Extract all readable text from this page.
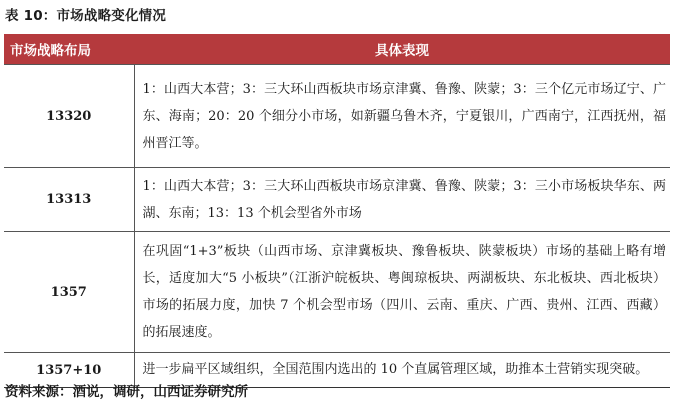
表 10：市场战略变化情况
市场战略布局	具体表现
13320	1：山西大本营；3：三大环山西板块市场京津冀、鲁豫、陕蒙；3：三个亿元市场辽宁、广东、海南；20：20 个细分小市场，如新疆乌鲁木齐，宁夏银川，广西南宁，江西抚州，福州晋江等。
13313	1：山西大本营；3：三大环山西板块市场京津冀、鲁豫、陕蒙；3：三小市场板块华东、两湖、东南；13：13 个机会型省外市场
1357	在巩固“1+3”板块（山西市场、京津冀板块、豫鲁板块、陕蒙板块）市场的基础上略有增长，适度加大“5 小板块”（江浙沪皖板块、粤闽琼板块、两湖板块、东北板块、西北板块）市场的拓展力度，加快 7 个机会型市场（四川、云南、重庆、广西、贵州、江西、西藏）的拓展速度。
1357+10	进一步扁平区域组织，全国范围内选出的 10 个直属管理区域，助推本土营销实现突破。
资料来源：酒说，调研，山西证券研究所
